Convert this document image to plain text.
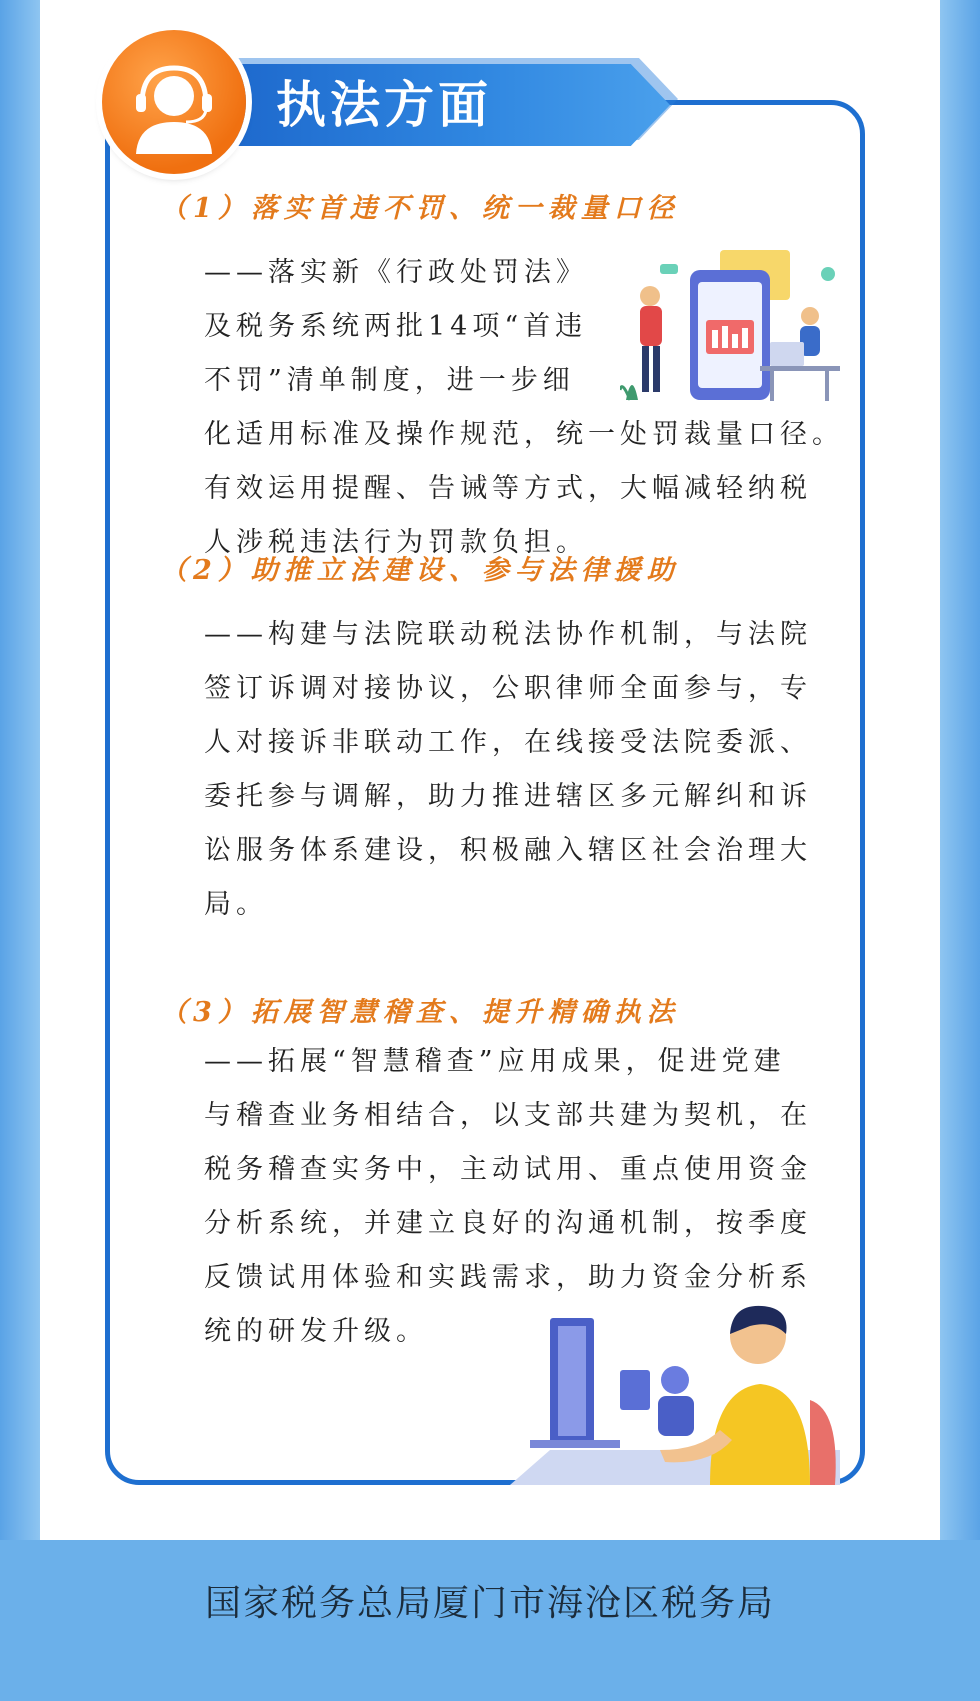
执法方面
（1）落实首违不罚、统一裁量口径
——落实新《行政处罚法》
及税务系统两批14项“首违
不罚”清单制度，进一步细
化适用标准及操作规范，统一处罚裁量口径。
有效运用提醒、告诫等方式，大幅减轻纳税
人涉税违法行为罚款负担。
（2）助推立法建设、参与法律援助
——构建与法院联动税法协作机制，与法院
签订诉调对接协议，公职律师全面参与，专
人对接诉非联动工作，在线接受法院委派、
委托参与调解，助力推进辖区多元解纠和诉
讼服务体系建设，积极融入辖区社会治理大
局。
（3）拓展智慧稽查、提升精确执法
——拓展“智慧稽查”应用成果，促进党建
与稽查业务相结合，以支部共建为契机，在
税务稽查实务中，主动试用、重点使用资金
分析系统，并建立良好的沟通机制，按季度
反馈试用体验和实践需求，助力资金分析系
统的研发升级。
国家税务总局厦门市海沧区税务局
